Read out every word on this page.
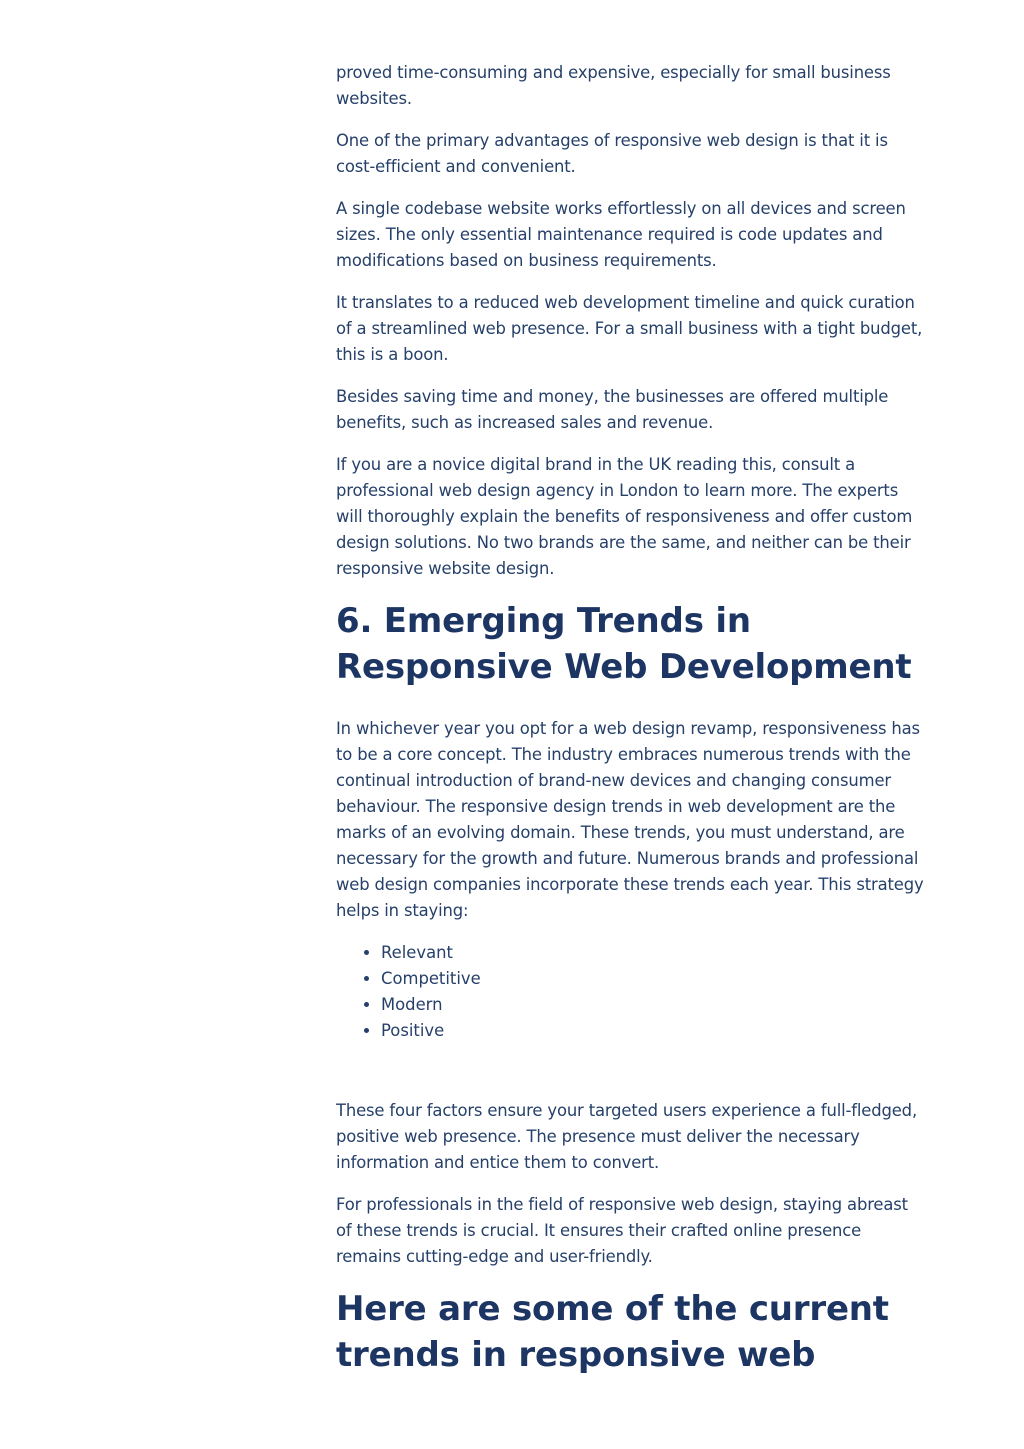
proved time-consuming and expensive, especially for small business websites.

One of the primary advantages of responsive web design is that it is cost-efficient and convenient.

A single codebase website works effortlessly on all devices and screen sizes. The only essential maintenance required is code updates and modifications based on business requirements.

It translates to a reduced web development timeline and quick curation of a streamlined web presence. For a small business with a tight budget, this is a boon.

Besides saving time and money, the businesses are offered multiple benefits, such as increased sales and revenue.

If you are a novice digital brand in the UK reading this, consult a professional web design agency in London to learn more. The experts will thoroughly explain the benefits of responsiveness and offer custom design solutions. No two brands are the same, and neither can be their responsive website design.

6. Emerging Trends in Responsive Web Development

In whichever year you opt for a web design revamp, responsiveness has to be a core concept. The industry embraces numerous trends with the continual introduction of brand-new devices and changing consumer behaviour. The responsive design trends in web development are the marks of an evolving domain. These trends, you must understand, are necessary for the growth and future. Numerous brands and professional web design companies incorporate these trends each year. This strategy helps in staying:

• Relevant
• Competitive
• Modern
• Positive

These four factors ensure your targeted users experience a full-fledged, positive web presence. The presence must deliver the necessary information and entice them to convert.

For professionals in the field of responsive web design, staying abreast of these trends is crucial. It ensures their crafted online presence remains cutting-edge and user-friendly.

Here are some of the current trends in responsive web
